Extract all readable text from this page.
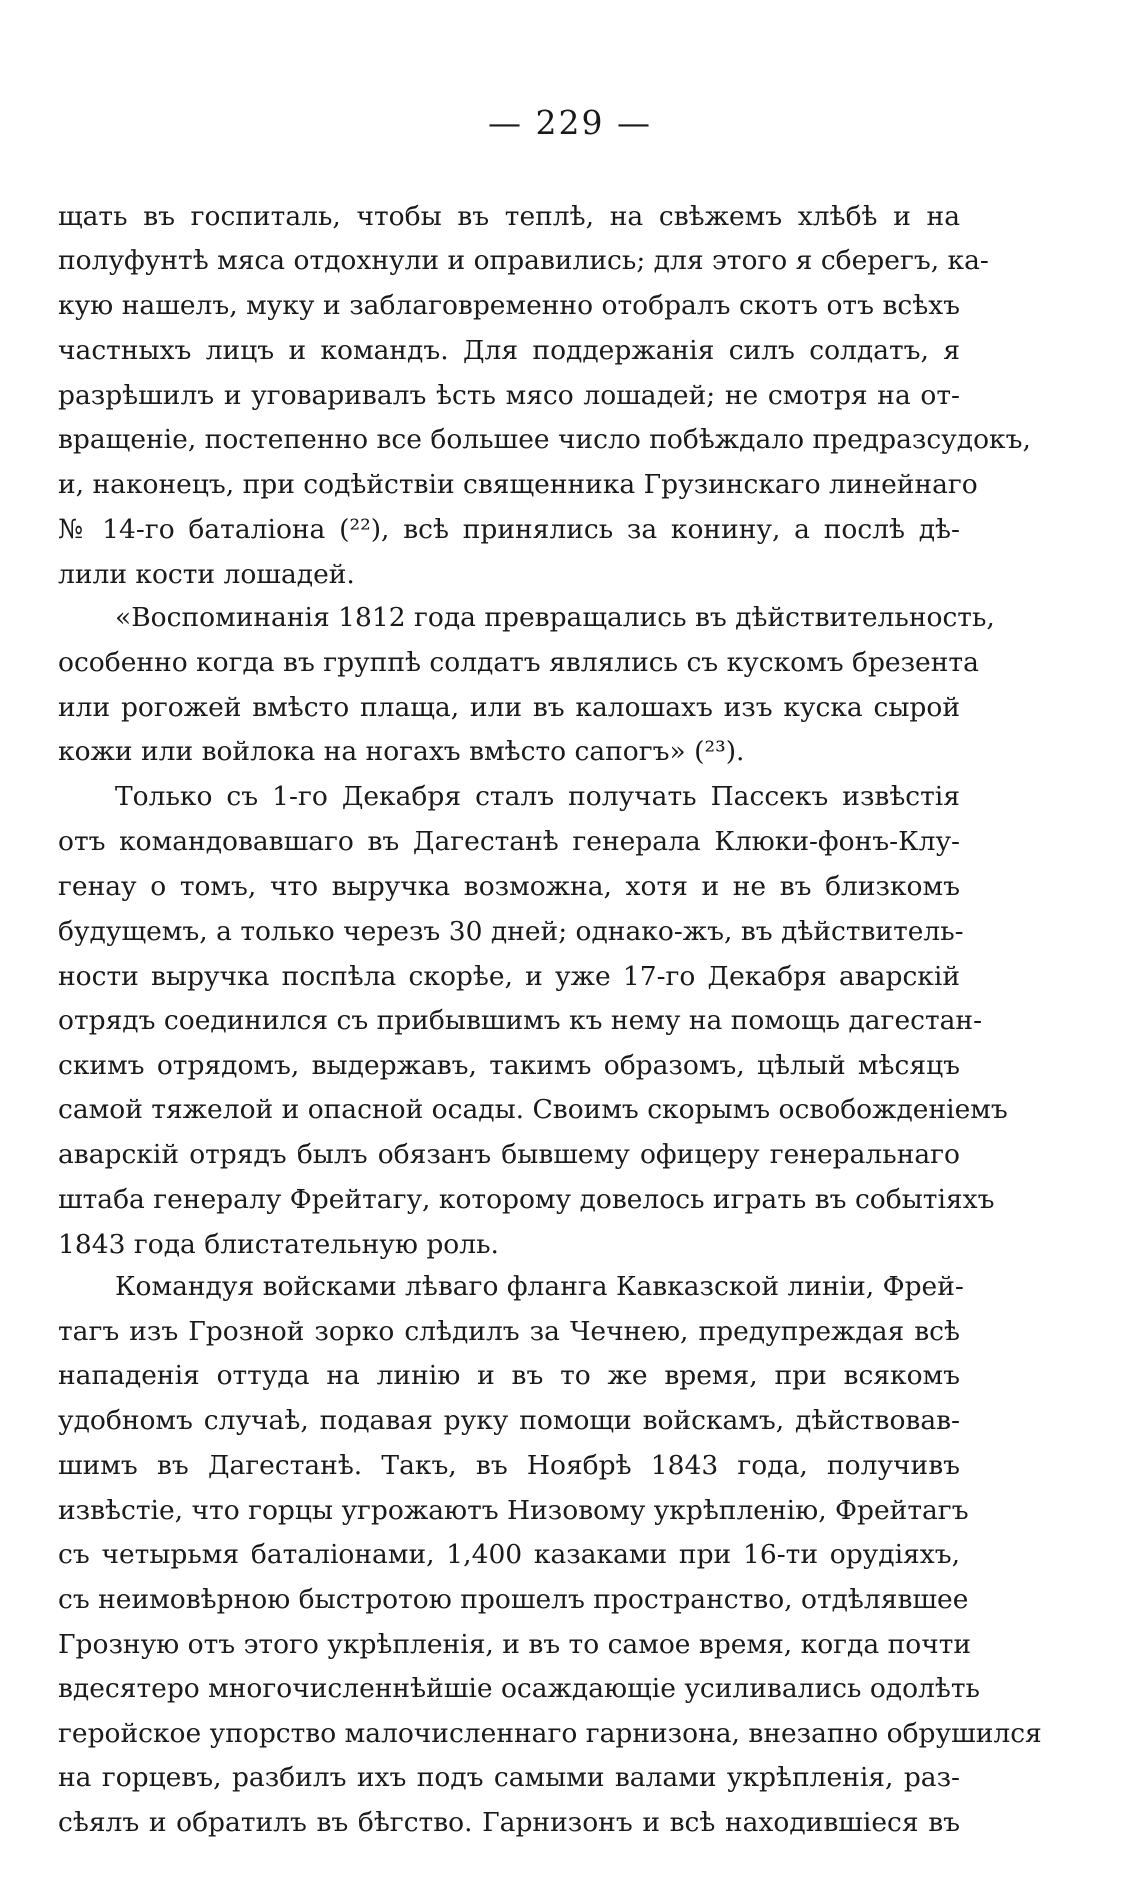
— 229 —
щать въ госпиталь, чтобы въ теплѣ, на свѣжемъ хлѣбѣ и на
полуфунтѣ мяса отдохнули и оправились; для этого я сберегъ, ка-
кую нашелъ, муку и заблаговременно отобралъ скотъ отъ всѣхъ
частныхъ лицъ и командъ. Для поддержанія силъ солдатъ, я
разрѣшилъ и уговаривалъ ѣсть мясо лошадей; не смотря на от-
вращеніе, постепенно все большее число побѣждало предразсудокъ,
и, наконецъ, при содѣйствіи священника Грузинскаго линейнаго
№ 14-го баталіона (²²), всѣ принялись за конину, а послѣ дѣ-
лили кости лошадей.
«Воспоминанія 1812 года превращались въ дѣйствительность,
особенно когда въ группѣ солдатъ являлись съ кускомъ брезента
или рогожей вмѣсто плаща, или въ калошахъ изъ куска сырой
кожи или войлока на ногахъ вмѣсто сапогъ» (²³).
Только съ 1-го Декабря сталъ получать Пассекъ извѣстія
отъ командовавшаго въ Дагестанѣ генерала Клюки-фонъ-Клу-
генау о томъ, что выручка возможна, хотя и не въ близкомъ
будущемъ, а только черезъ 30 дней; однако-жъ, въ дѣйствитель-
ности выручка поспѣла скорѣе, и уже 17-го Декабря аварскій
отрядъ соединился съ прибывшимъ къ нему на помощь дагестан-
скимъ отрядомъ, выдержавъ, такимъ образомъ, цѣлый мѣсяцъ
самой тяжелой и опасной осады. Своимъ скорымъ освобожденіемъ
аварскій отрядъ былъ обязанъ бывшему офицеру генеральнаго
штаба генералу Фрейтагу, которому довелось играть въ событіяхъ
1843 года блистательную роль.
Командуя войсками лѣваго фланга Кавказской линіи, Фрей-
тагъ изъ Грозной зорко слѣдилъ за Чечнею, предупреждая всѣ
нападенія оттуда на линію и въ то же время, при всякомъ
удобномъ случаѣ, подавая руку помощи войскамъ, дѣйствовав-
шимъ въ Дагестанѣ. Такъ, въ Ноябрѣ 1843 года, получивъ
извѣстіе, что горцы угрожаютъ Низовому укрѣпленію, Фрейтагъ
съ четырьмя баталіонами, 1,400 казаками при 16-ти орудіяхъ,
съ неимовѣрною быстротою прошелъ пространство, отдѣлявшее
Грозную отъ этого укрѣпленія, и въ то самое время, когда почти
вдесятеро многочисленнѣйшіе осаждающіе усиливались одолѣть
геройское упорство малочисленнаго гарнизона, внезапно обрушился
на горцевъ, разбилъ ихъ подъ самыми валами укрѣпленія, раз-
сѣялъ и обратилъ въ бѣгство. Гарнизонъ и всѣ находившіеся въ
